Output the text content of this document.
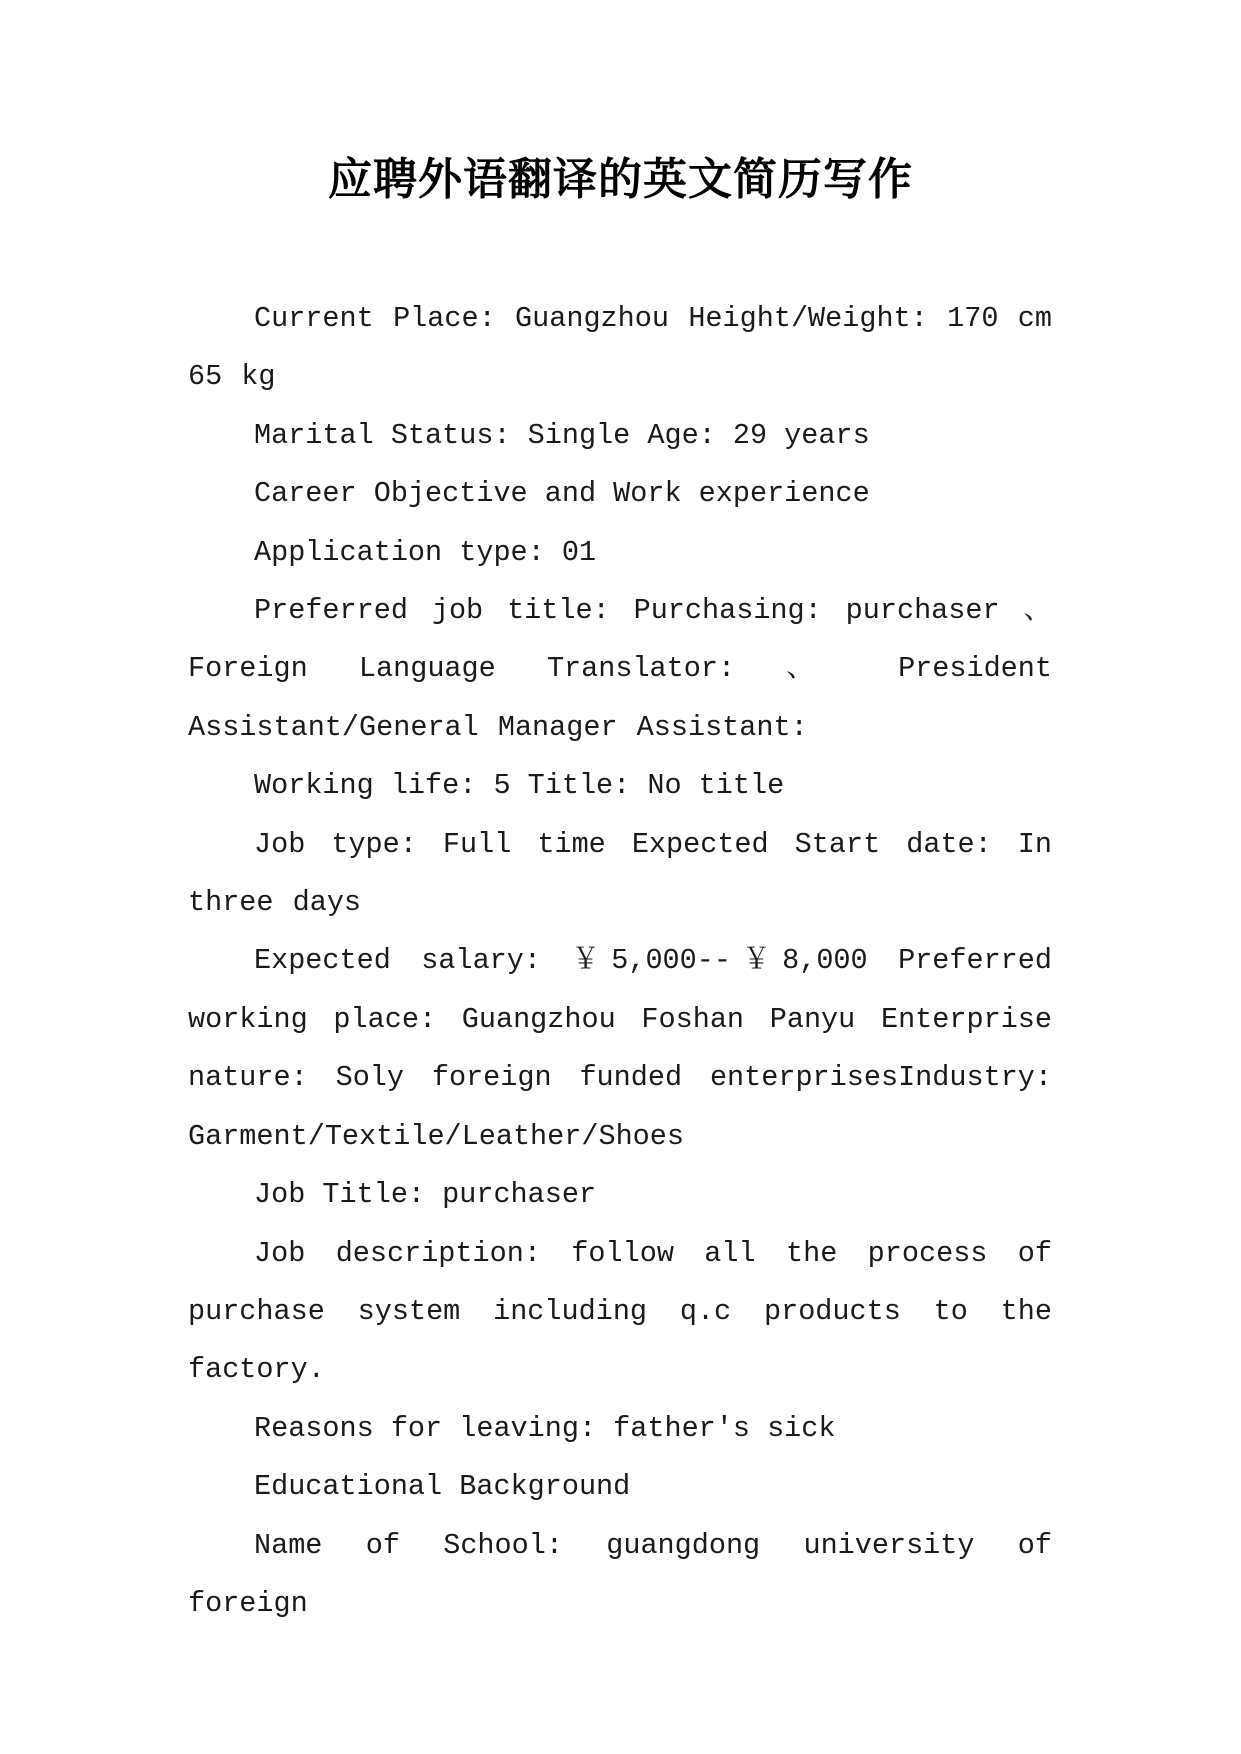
应聘外语翻译的英文简历写作

Current Place: Guangzhou Height/Weight: 170 cm 65 kg

Marital Status: Single Age: 29 years

Career Objective and Work experience

Application type: 01

Preferred job title: Purchasing: purchaser 、Foreign Language Translator: 、 President Assistant/General Manager Assistant:

Working life: 5 Title: No title

Job type: Full time Expected Start date: In three days

Expected salary: ￥5,000--￥8,000 Preferred working place: Guangzhou Foshan Panyu Enterprise nature: Soly foreign funded enterprisesIndustry: Garment/Textile/Leather/Shoes

Job Title: purchaser

Job description: follow all the process of purchase system including q.c products to the factory.

Reasons for leaving: father's sick

Educational Background

Name of School: guangdong university of foreign
